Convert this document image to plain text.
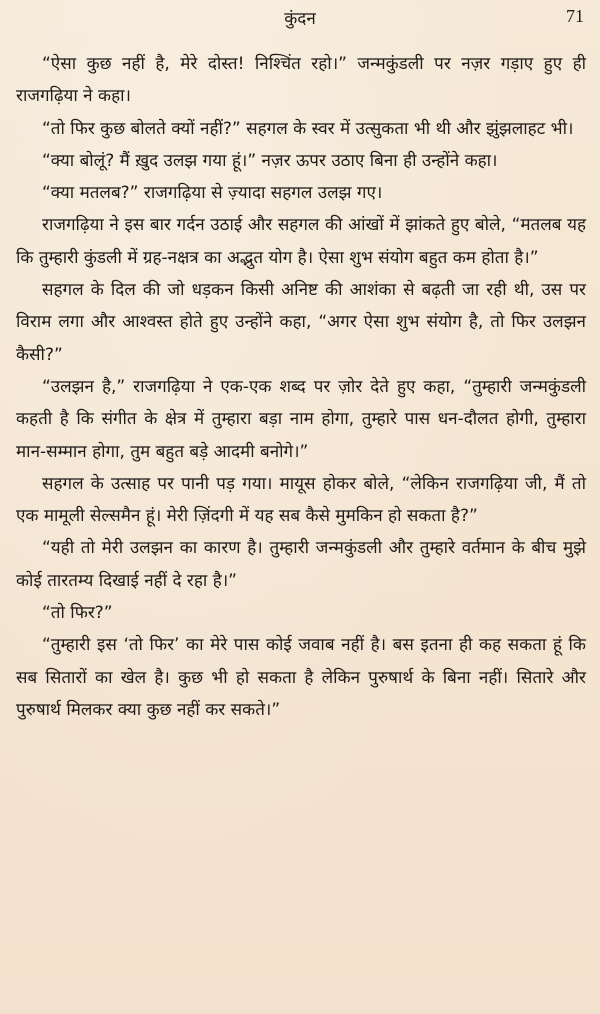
कुंदन	71

“ऐसा कुछ नहीं है, मेरे दोस्त! निश्चिंत रहो।” जन्मकुंडली पर नज़र गड़ाए हुए ही राजगढ़िया ने कहा।

“तो फिर कुछ बोलते क्यों नहीं?” सहगल के स्वर में उत्सुकता भी थी और झुंझलाहट भी।

“क्या बोलूं? मैं ख़ुद उलझ गया हूं।” नज़र ऊपर उठाए बिना ही उन्होंने कहा।

“क्या मतलब?” राजगढ़िया से ज़्यादा सहगल उलझ गए।

राजगढ़िया ने इस बार गर्दन उठाई और सहगल की आंखों में झांकते हुए बोले, “मतलब यह कि तुम्हारी कुंडली में ग्रह-नक्षत्र का अद्भुत योग है। ऐसा शुभ संयोग बहुत कम होता है।”

सहगल के दिल की जो धड़कन किसी अनिष्ट की आशंका से बढ़ती जा रही थी, उस पर विराम लगा और आश्वस्त होते हुए उन्होंने कहा, “अगर ऐसा शुभ संयोग है, तो फिर उलझन कैसी?”

“उलझन है,” राजगढ़िया ने एक-एक शब्द पर ज़ोर देते हुए कहा, “तुम्हारी जन्मकुंडली कहती है कि संगीत के क्षेत्र में तुम्हारा बड़ा नाम होगा, तुम्हारे पास धन-दौलत होगी, तुम्हारा मान-सम्मान होगा, तुम बहुत बड़े आदमी बनोगे।”

सहगल के उत्साह पर पानी पड़ गया। मायूस होकर बोले, “लेकिन राजगढ़िया जी, मैं तो एक मामूली सेल्समैन हूं। मेरी ज़िंदगी में यह सब कैसे मुमकिन हो सकता है?”

“यही तो मेरी उलझन का कारण है। तुम्हारी जन्मकुंडली और तुम्हारे वर्तमान के बीच मुझे कोई तारतम्य दिखाई नहीं दे रहा है।”

“तो फिर?”

“तुम्हारी इस ‘तो फिर’ का मेरे पास कोई जवाब नहीं है। बस इतना ही कह सकता हूं कि सब सितारों का खेल है। कुछ भी हो सकता है लेकिन पुरुषार्थ के बिना नहीं। सितारे और पुरुषार्थ मिलकर क्या कुछ नहीं कर सकते।”
